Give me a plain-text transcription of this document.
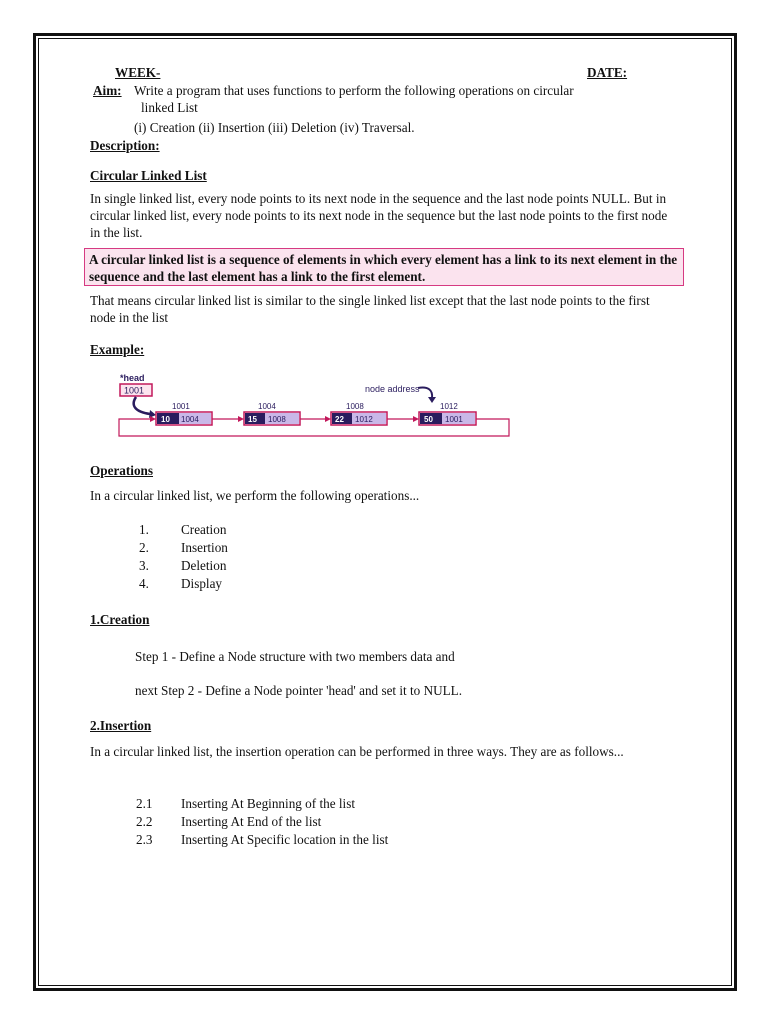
WEEK-	DATE:
Aim: Write a program that uses functions to perform the following operations on circular
linked List
(i) Creation (ii) Insertion (iii) Deletion (iv) Traversal.
Description:
Circular Linked List
In single linked list, every node points to its next node in the sequence and the last node points NULL. But in circular linked list, every node points to its next node in the sequence but the last node points to the first node in the list.
A circular linked list is a sequence of elements in which every element has a link to its next element in the sequence and the last element has a link to the first element.
That means circular linked list is similar to the single linked list except that the last node points to the first node in the list
Example:
*head
1001	node address
1001
10 1004
1004
15 1008
1008
22 1012
1012
50 1001
Operations
In a circular linked list, we perform the following operations...
1. Creation
2. Insertion
3. Deletion
4. Display
1.Creation
Step 1 - Define a Node structure with two members data and
next Step 2 - Define a Node pointer 'head' and set it to NULL.
2.Insertion
In a circular linked list, the insertion operation can be performed in three ways. They are as follows...
2.1 Inserting At Beginning of the list
2.2 Inserting At End of the list
2.3 Inserting At Specific location in the list
